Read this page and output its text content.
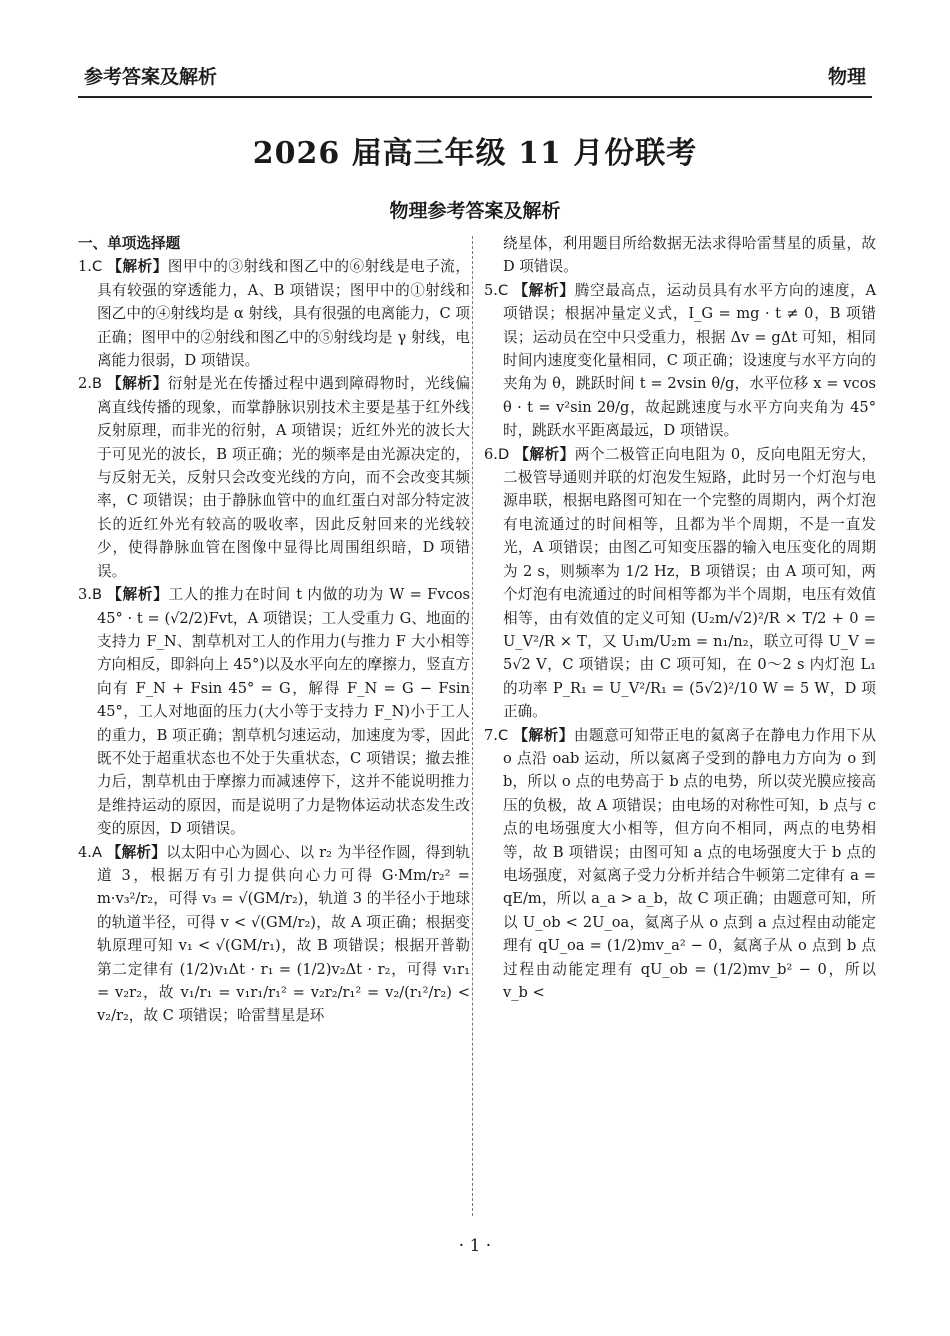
参考答案及解析	物理
2026 届高三年级 11 月份联考
物理参考答案及解析

一、单项选择题

1.C 【解析】图甲中的③射线和图乙中的⑥射线是电子流，具有较强的穿透能力，A、B 项错误；图甲中的①射线和图乙中的④射线均是 α 射线，具有很强的电离能力，C 项正确；图甲中的②射线和图乙中的⑤射线均是 γ 射线，电离能力很弱，D 项错误。

2.B 【解析】衍射是光在传播过程中遇到障碍物时，光线偏离直线传播的现象，而掌静脉识别技术主要是基于红外线反射原理，而非光的衍射，A 项错误；近红外光的波长大于可见光的波长，B 项正确；光的频率是由光源决定的，与反射无关，反射只会改变光线的方向，而不会改变其频率，C 项错误；由于静脉血管中的血红蛋白对部分特定波长的近红外光有较高的吸收率，因此反射回来的光线较少，使得静脉血管在图像中显得比周围组织暗，D 项错误。

3.B 【解析】工人的推力在时间 t 内做的功为 W = Fvcos 45° · t = (√2/2)Fvt，A 项错误；工人受重力 G、地面的支持力 F_N、割草机对工人的作用力(与推力 F 大小相等方向相反，即斜向上 45°)以及水平向左的摩擦力，竖直方向有 F_N + Fsin 45° = G，解得 F_N = G − Fsin 45°，工人对地面的压力(大小等于支持力 F_N)小于工人的重力，B 项正确；割草机匀速运动，加速度为零，因此既不处于超重状态也不处于失重状态，C 项错误；撤去推力后，割草机由于摩擦力而减速停下，这并不能说明推力是维持运动的原因，而是说明了力是物体运动状态发生改变的原因，D 项错误。

4.A 【解析】以太阳中心为圆心、以 r₂ 为半径作圆，得到轨道 3，根据万有引力提供向心力可得 G·Mm/r₂² = m·v₃²/r₂，可得 v₃ = √(GM/r₂)，轨道 3 的半径小于地球的轨道半径，可得 v < √(GM/r₂)，故 A 项正确；根据变轨原理可知 v₁ < √(GM/r₁)，故 B 项错误；根据开普勒第二定律有 (1/2)v₁Δt · r₁ = (1/2)v₂Δt · r₂，可得 v₁r₁ = v₂r₂，故 v₁/r₁ = v₁r₁/r₁² = v₂r₂/r₁² = v₂/(r₁²/r₂) < v₂/r₂，故 C 项错误；哈雷彗星是环

绕星体，利用题目所给数据无法求得哈雷彗星的质量，故 D 项错误。

5.C 【解析】腾空最高点，运动员具有水平方向的速度，A 项错误；根据冲量定义式，I_G = mg · t ≠ 0，B 项错误；运动员在空中只受重力，根据 Δv = gΔt 可知，相同时间内速度变化量相同，C 项正确；设速度与水平方向的夹角为 θ，跳跃时间 t = 2vsin θ/g，水平位移 x = vcos θ · t = v²sin 2θ/g，故起跳速度与水平方向夹角为 45°时，跳跃水平距离最远，D 项错误。

6.D 【解析】两个二极管正向电阻为 0，反向电阻无穷大，二极管导通则并联的灯泡发生短路，此时另一个灯泡与电源串联，根据电路图可知在一个完整的周期内，两个灯泡有电流通过的时间相等，且都为半个周期，不是一直发光，A 项错误；由图乙可知变压器的输入电压变化的周期为 2 s，则频率为 1/2 Hz，B 项错误；由 A 项可知，两个灯泡有电流通过的时间相等都为半个周期，电压有效值相等，由有效值的定义可知 (U₂m/√2)²/R × T/2 + 0 = U_V²/R × T，又 U₁m/U₂m = n₁/n₂，联立可得 U_V = 5√2 V，C 项错误；由 C 项可知，在 0～2 s 内灯泡 L₁ 的功率 P_R₁ = U_V²/R₁ = (5√2)²/10 W = 5 W，D 项正确。

7.C 【解析】由题意可知带正电的氦离子在静电力作用下从 o 点沿 oab 运动，所以氦离子受到的静电力方向为 o 到 b，所以 o 点的电势高于 b 点的电势，所以荧光膜应接高压的负极，故 A 项错误；由电场的对称性可知，b 点与 c 点的电场强度大小相等，但方向不相同，两点的电势相等，故 B 项错误；由图可知 a 点的电场强度大于 b 点的电场强度，对氦离子受力分析并结合牛顿第二定律有 a = qE/m，所以 a_a > a_b，故 C 项正确；由题意可知，所以 U_ob < 2U_oa，氦离子从 o 点到 a 点过程由动能定理有 qU_oa = (1/2)mv_a² − 0，氦离子从 o 点到 b 点过程由动能定理有 qU_ob = (1/2)mv_b² − 0，所以 v_b <

· 1 ·
